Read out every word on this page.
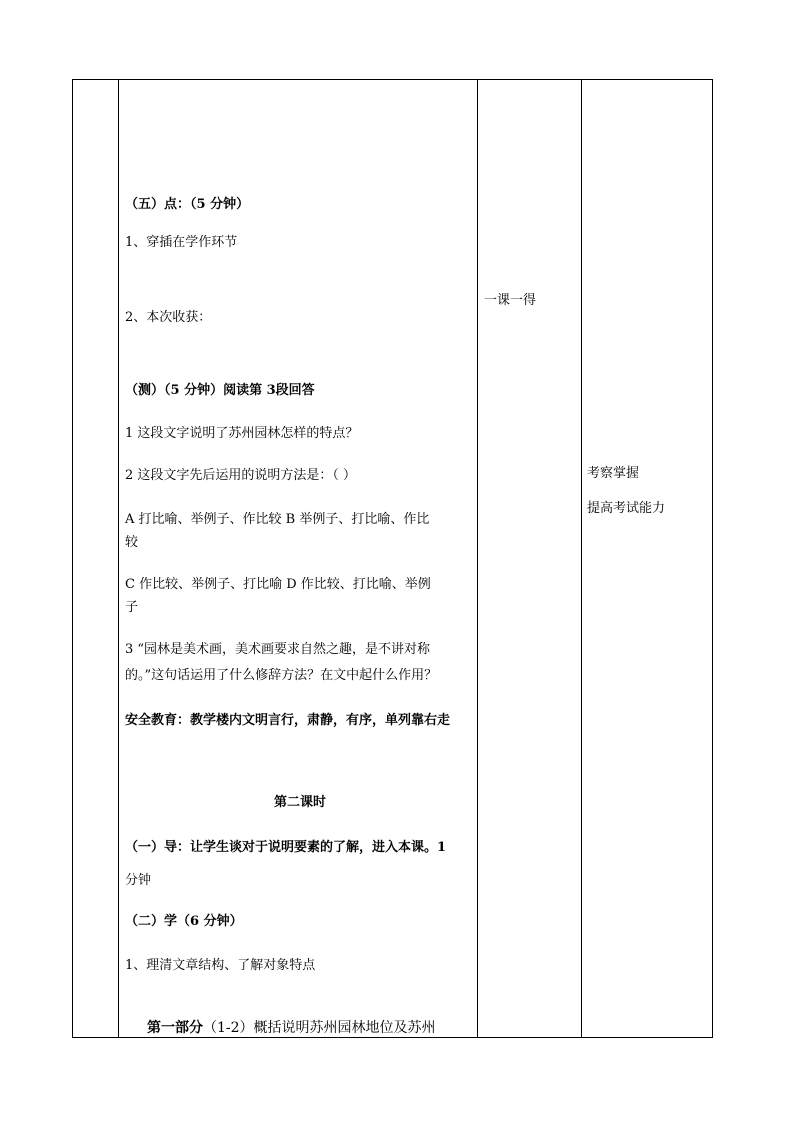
（五）点：（5 分钟）
1、穿插在学作环节
2、本次收获：
（测）（5 分钟）阅读第 3段回答
1 这段文字说明了苏州园林怎样的特点？
2 这段文字先后运用的说明方法是：（ ）
A 打比喻、举例子、作比较 B 举例子、打比喻、作比
较
C 作比较、举例子、打比喻 D 作比较、打比喻、举例
子
3 “园林是美术画，美术画要求自然之趣，是不讲对称
的。”这句话运用了什么修辞方法？在文中起什么作用？
安全教育：教学楼内文明言行，肃静，有序，单列靠右走
第二课时
（一）导：让学生谈对于说明要素的了解，进入本课。1
分钟
（二）学（6 分钟）
1、理清文章结构、了解对象特点
第一部分（1-2）概括说明苏州园林地位及苏州
一课一得
考察掌握
提高考试能力
